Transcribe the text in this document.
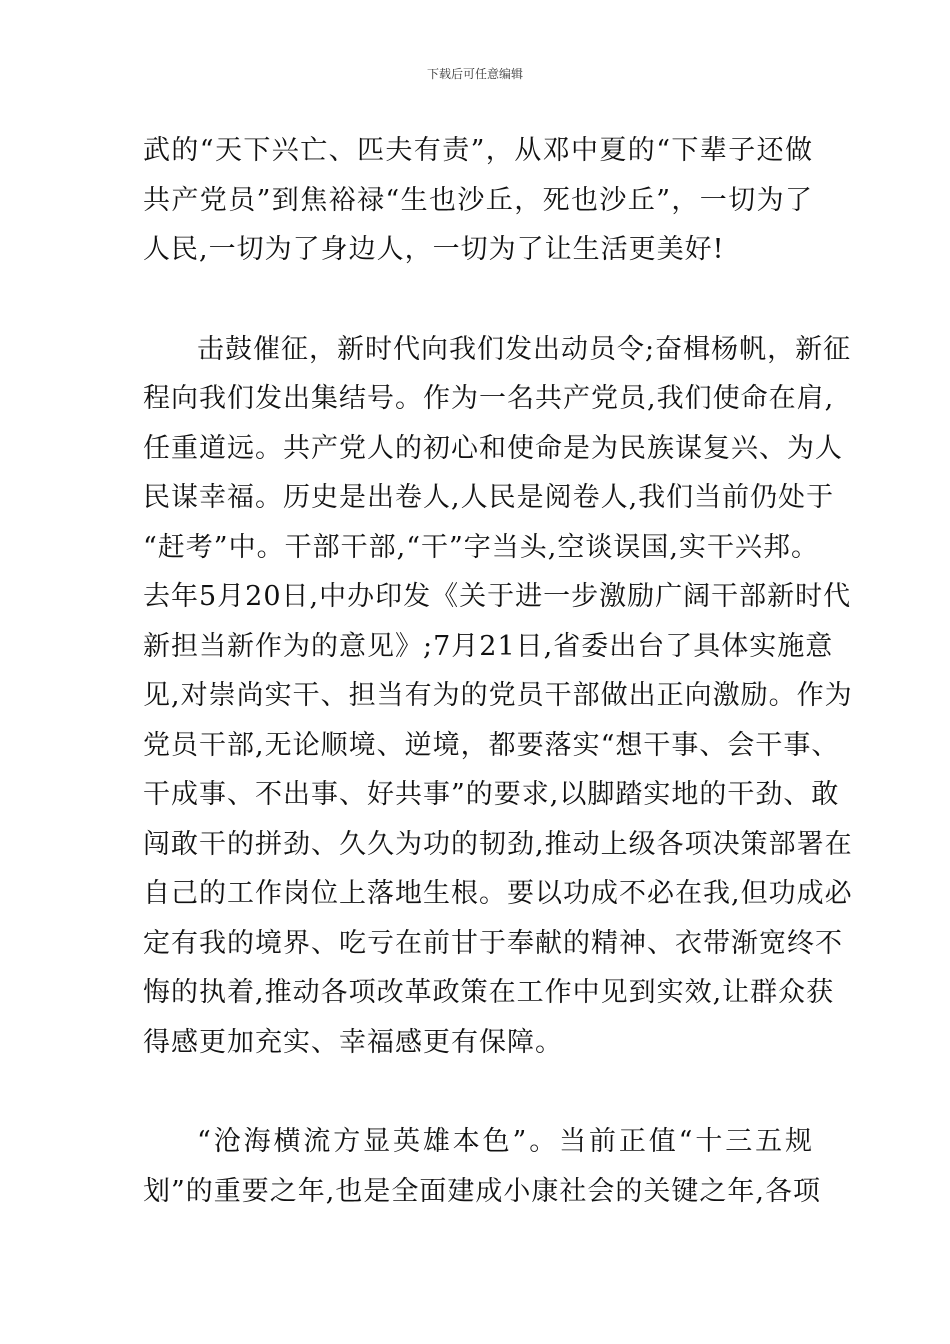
下载后可任意编辑
武的“天下兴亡、匹夫有责”，从邓中夏的“下辈子还做
共产党员”到焦裕禄“生也沙丘，死也沙丘”，一切为了
人民,一切为了身边人，一切为了让生活更美好!
击鼓催征，新时代向我们发出动员令;奋楫杨帆，新征
程向我们发出集结号。作为一名共产党员,我们使命在肩,
任重道远。共产党人的初心和使命是为民族谋复兴、为人
民谋幸福。历史是出卷人,人民是阅卷人,我们当前仍处于
“赶考”中。干部干部,“干”字当头,空谈误国,实干兴邦。
去年5月20日,中办印发《关于进一步激励广阔干部新时代
新担当新作为的意见》;7月21日,省委出台了具体实施意
见,对崇尚实干、担当有为的党员干部做出正向激励。作为
党员干部,无论顺境、逆境，都要落实“想干事、会干事、
干成事、不出事、好共事”的要求,以脚踏实地的干劲、敢
闯敢干的拼劲、久久为功的韧劲,推动上级各项决策部署在
自己的工作岗位上落地生根。要以功成不必在我,但功成必
定有我的境界、吃亏在前甘于奉献的精神、衣带渐宽终不
悔的执着,推动各项改革政策在工作中见到实效,让群众获
得感更加充实、幸福感更有保障。
“沧海横流方显英雄本色”。当前正值“十三五规
划”的重要之年,也是全面建成小康社会的关键之年,各项
